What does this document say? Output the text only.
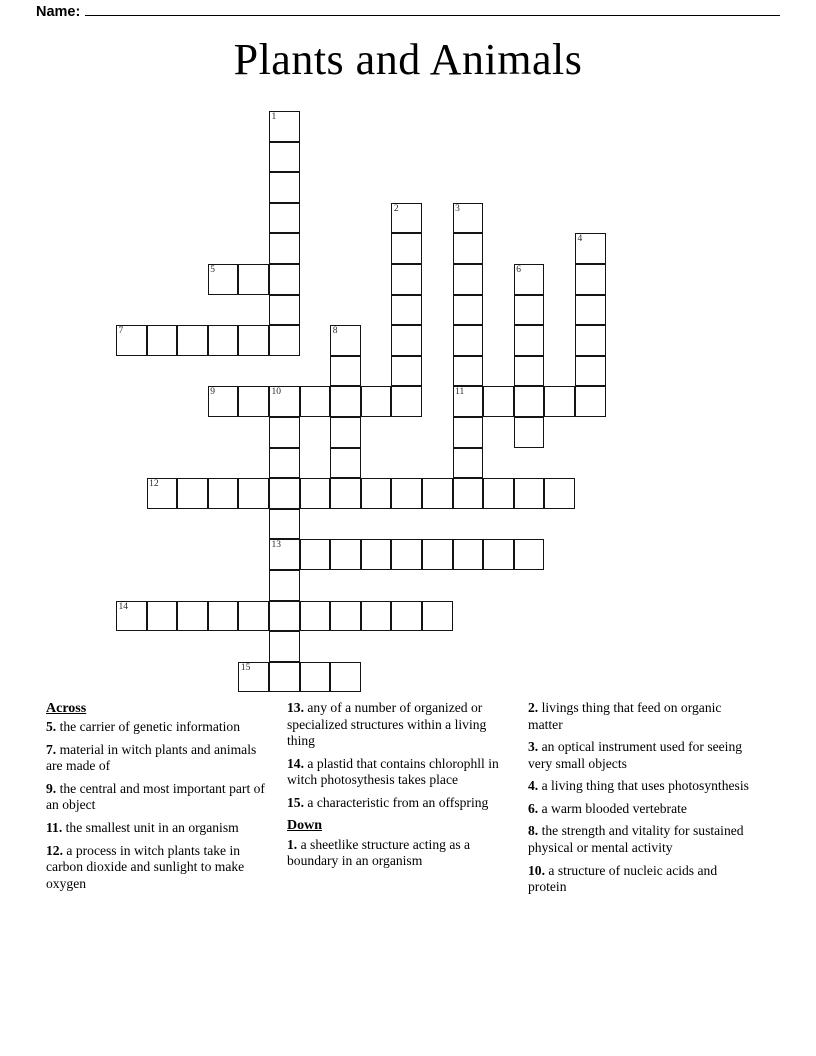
Name:
Plants and Animals
1
2	3
4
5	6
7	8
9	10	11
12
13
14
15
Across
5. the carrier of genetic information
7. material in witch plants and animals are made of
9. the central and most important part of an object
11. the smallest unit in an organism
12. a process in witch plants take in carbon dioxide and sunlight to make oxygen
13. any of a number of organized or specialized structures within a living thing
14. a plastid that contains chlorophll in witch photosythesis takes place
15. a characteristic from an offspring
Down
1. a sheetlike structure acting as a boundary in an organism
2. livings thing that feed on organic matter
3. an optical instrument used for seeing very small objects
4. a living thing that uses photosynthesis
6. a warm blooded vertebrate
8. the strength and vitality for sustained physical or mental activity
10. a structure of nucleic acids and protein
